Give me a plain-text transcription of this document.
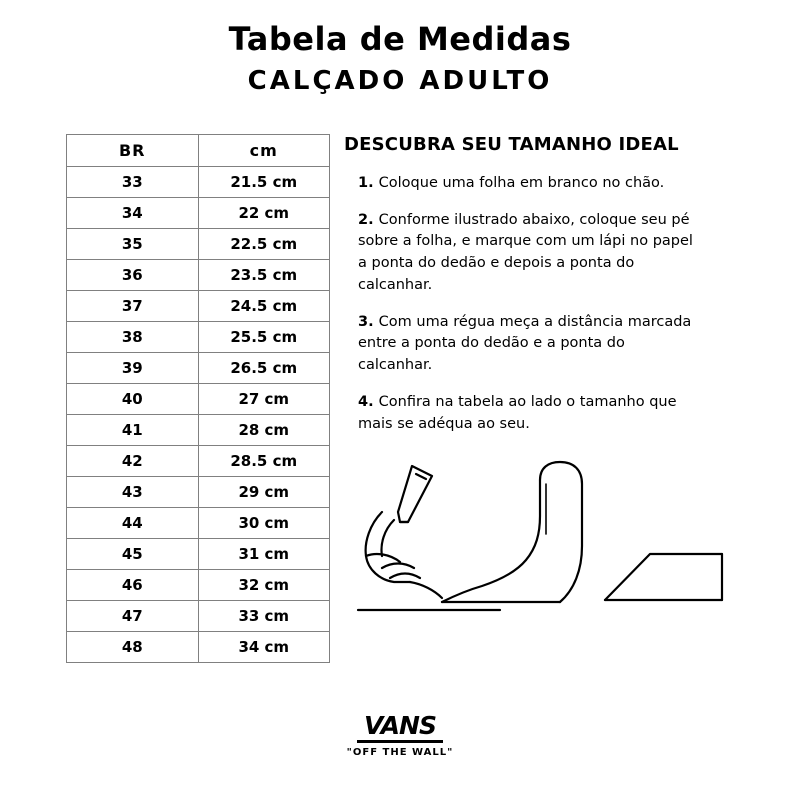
Tabela de Medidas
CALÇADO ADULTO
BR	cm
33	21.5 cm
34	22 cm
35	22.5 cm
36	23.5 cm
37	24.5 cm
38	25.5 cm
39	26.5 cm
40	27 cm
41	28 cm
42	28.5 cm
43	29 cm
44	30 cm
45	31 cm
46	32 cm
47	33 cm
48	34 cm
DESCUBRA SEU TAMANHO IDEAL

1. Coloque uma folha em branco no chão.

2. Conforme ilustrado abaixo, coloque seu pé sobre a folha, e marque com um lápi no papel a ponta do dedão e depois a ponta do calcanhar.

3. Com uma régua meça a distância marcada entre a ponta do dedão e a ponta do calcanhar.

4. Confira na tabela ao lado o tamanho que mais se adéqua ao seu.

VANS
"OFF THE WALL"
